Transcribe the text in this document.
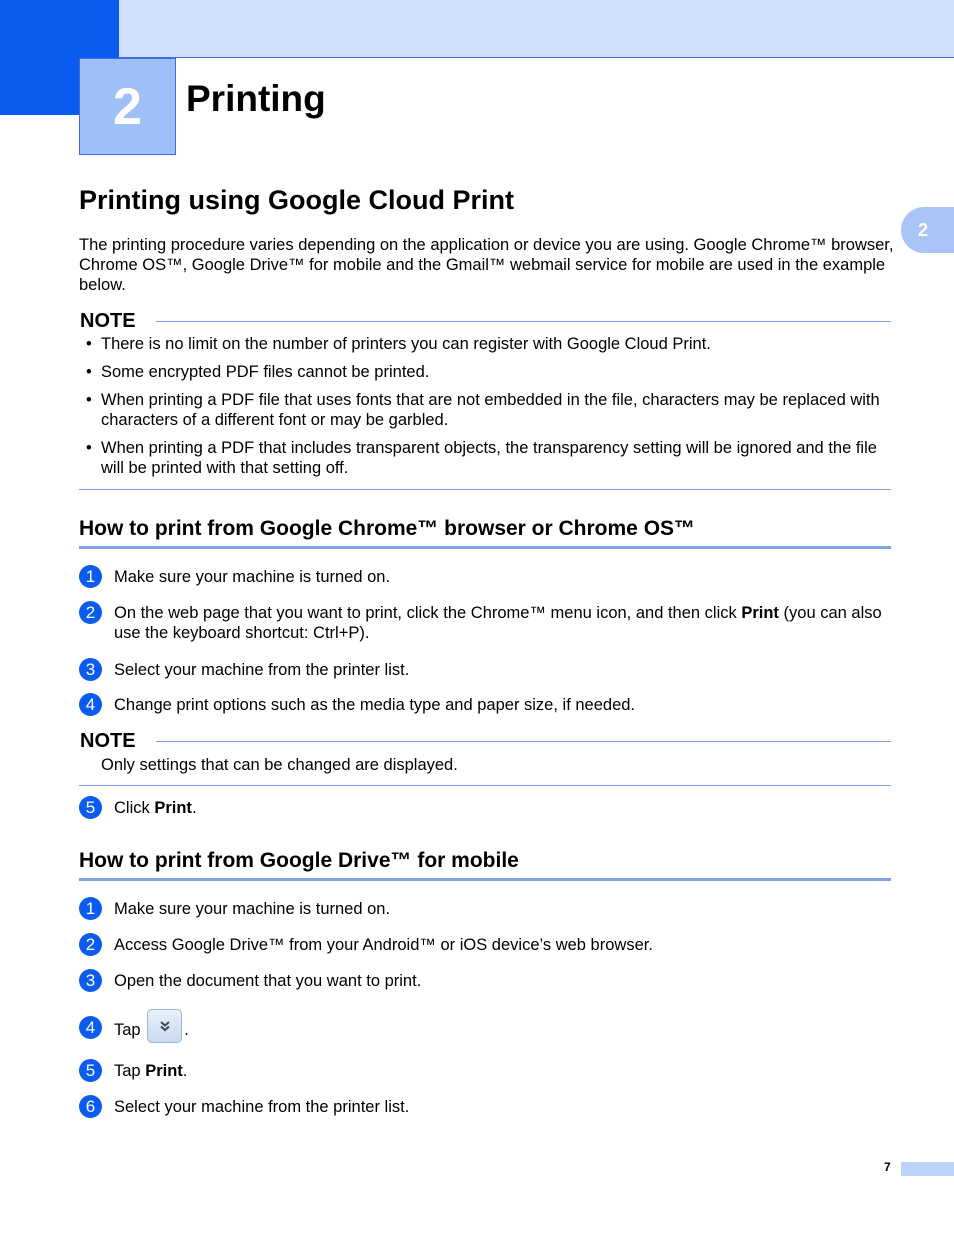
2 Printing
2
Printing using Google Cloud Print
The printing procedure varies depending on the application or device you are using. Google Chrome™ browser, Chrome OS™, Google Drive™ for mobile and the Gmail™ webmail service for mobile are used in the example below.
NOTE
• There is no limit on the number of printers you can register with Google Cloud Print.
• Some encrypted PDF files cannot be printed.
• When printing a PDF file that uses fonts that are not embedded in the file, characters may be replaced with characters of a different font or may be garbled.
• When printing a PDF that includes transparent objects, the transparency setting will be ignored and the file will be printed with that setting off.
How to print from Google Chrome™ browser or Chrome OS™
1	Make sure your machine is turned on.
2	On the web page that you want to print, click the Chrome™ menu icon, and then click Print (you can also use the keyboard shortcut: Ctrl+P).
3	Select your machine from the printer list.
4	Change print options such as the media type and paper size, if needed.
NOTE
Only settings that can be changed are displayed.
5	Click Print.
How to print from Google Drive™ for mobile
1	Make sure your machine is turned on.
2	Access Google Drive™ from your Android™ or iOS device’s web browser.
3	Open the document that you want to print.
4	Tap
.
5	Tap Print.
6	Select your machine from the printer list.
7
